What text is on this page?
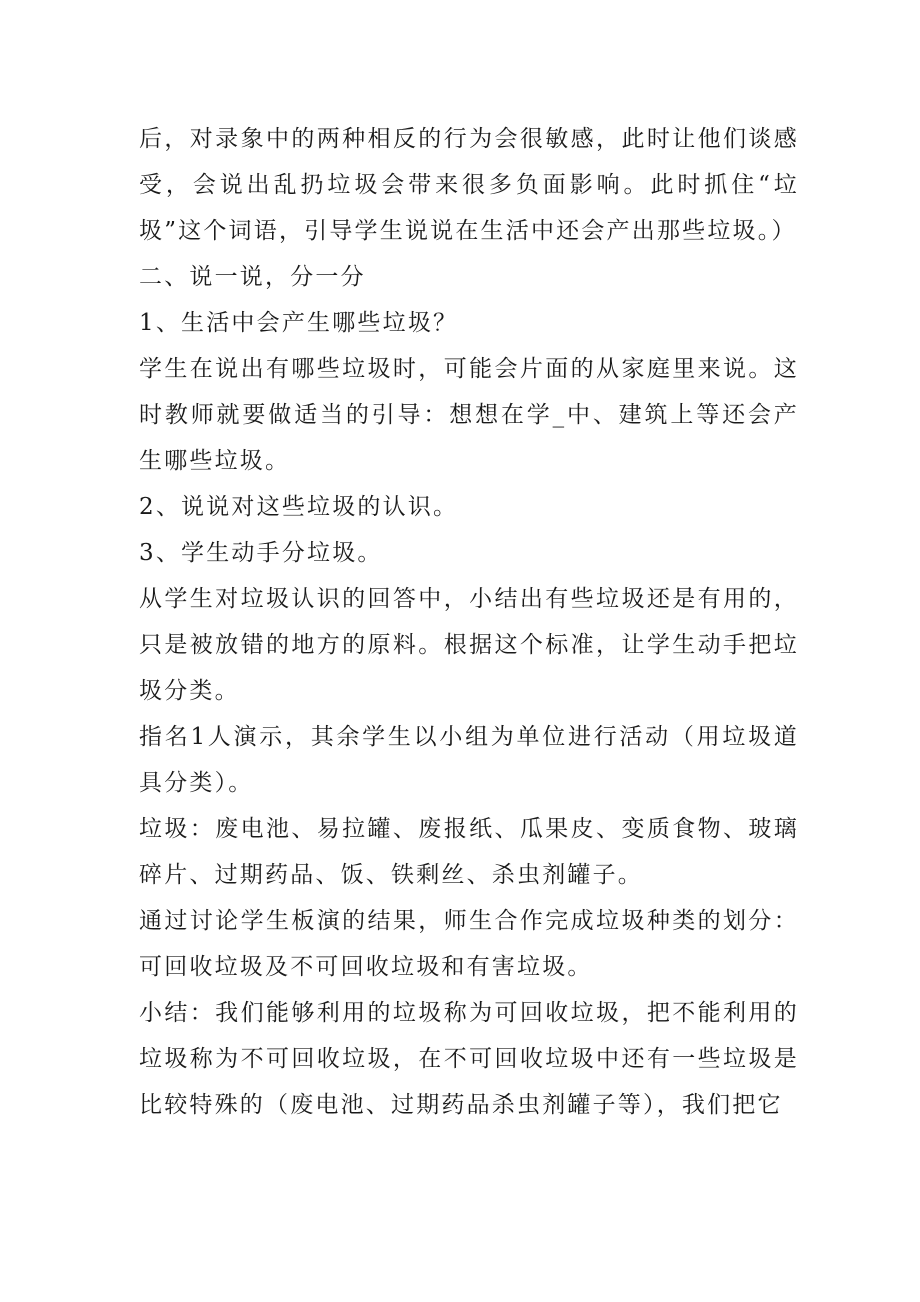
后，对录象中的两种相反的行为会很敏感，此时让他们谈感受，会说出乱扔垃圾会带来很多负面影响。此时抓住“垃圾”这个词语，引导学生说说在生活中还会产出那些垃圾。）

二、说一说，分一分

1、生活中会产生哪些垃圾？

学生在说出有哪些垃圾时，可能会片面的从家庭里来说。这时教师就要做适当的引导：想想在学_中、建筑上等还会产生哪些垃圾。

2、说说对这些垃圾的认识。

3、学生动手分垃圾。

从学生对垃圾认识的回答中，小结出有些垃圾还是有用的，只是被放错的地方的原料。根据这个标准，让学生动手把垃圾分类。

指名1人演示，其余学生以小组为单位进行活动（用垃圾道具分类）。

垃圾：废电池、易拉罐、废报纸、瓜果皮、变质食物、玻璃碎片、过期药品、饭、铁剩丝、杀虫剂罐子。

通过讨论学生板演的结果，师生合作完成垃圾种类的划分：可回收垃圾及不可回收垃圾和有害垃圾。

小结：我们能够利用的垃圾称为可回收垃圾，把不能利用的垃圾称为不可回收垃圾，在不可回收垃圾中还有一些垃圾是比较特殊的（废电池、过期药品杀虫剂罐子等），我们把它
